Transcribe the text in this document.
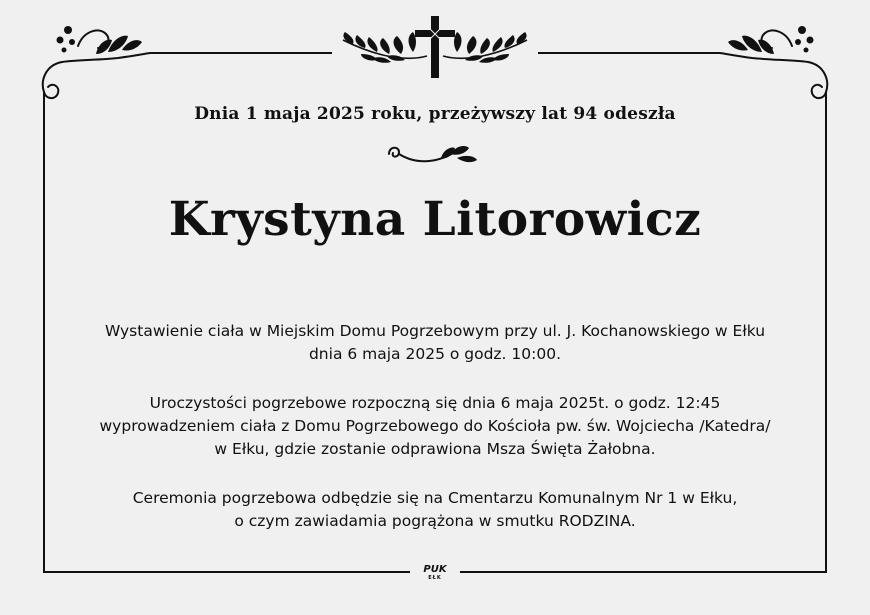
Dnia 1 maja 2025 roku, przeżywszy lat 94 odeszła
Krystyna Litorowicz
Wystawienie ciała w Miejskim Domu Pogrzebowym przy ul. J. Kochanowskiego w Ełku
dnia 6 maja 2025 o godz. 10:00.
Uroczystości pogrzebowe rozpoczną się dnia 6 maja 2025t. o godz. 12:45
wyprowadzeniem ciała z Domu Pogrzebowego do Kościoła pw. św. Wojciecha /Katedra/
w Ełku, gdzie zostanie odprawiona Msza Święta Żałobna.
Ceremonia pogrzebowa odbędzie się na Cmentarzu Komunalnym Nr 1 w Ełku,
o czym zawiadamia pogrążona w smutku RODZINA.
PUK
EŁK
